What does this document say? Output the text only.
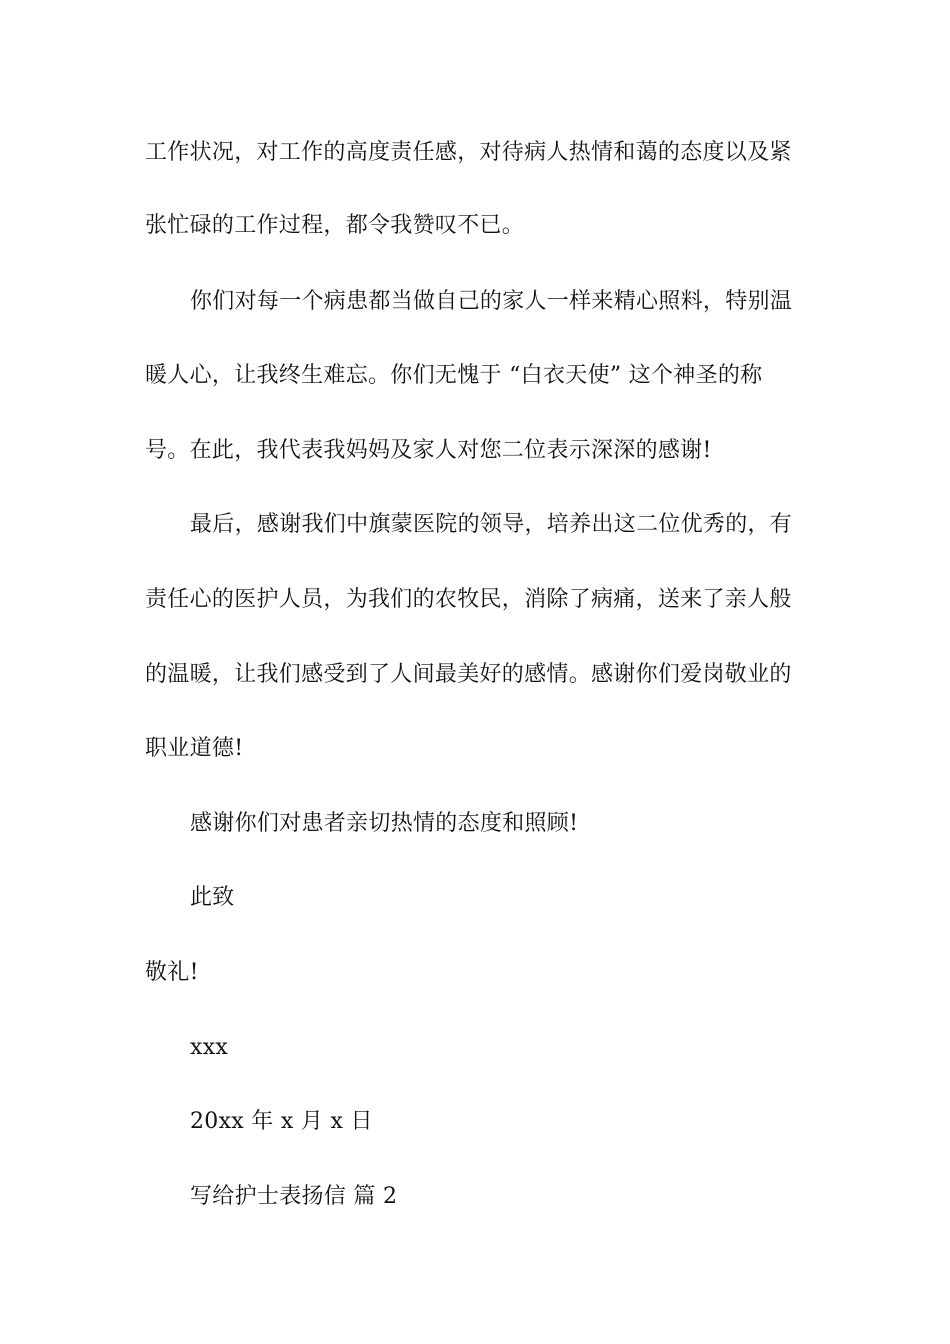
工作状况，对工作的高度责任感，对待病人热情和蔼的态度以及紧
张忙碌的工作过程，都令我赞叹不已。
你们对每一个病患都当做自己的家人一样来精心照料，特别温
暖人心，让我终生难忘。你们无愧于 “白衣天使” 这个神圣的称
号。在此，我代表我妈妈及家人对您二位表示深深的感谢!
最后，感谢我们中旗蒙医院的领导，培养出这二位优秀的，有
责任心的医护人员，为我们的农牧民，消除了病痛，送来了亲人般
的温暖，让我们感受到了人间最美好的感情。感谢你们爱岗敬业的
职业道德!
感谢你们对患者亲切热情的态度和照顾!
此致
敬礼!
xxx
20xx 年 x 月 x 日
写给护士表扬信 篇 2
